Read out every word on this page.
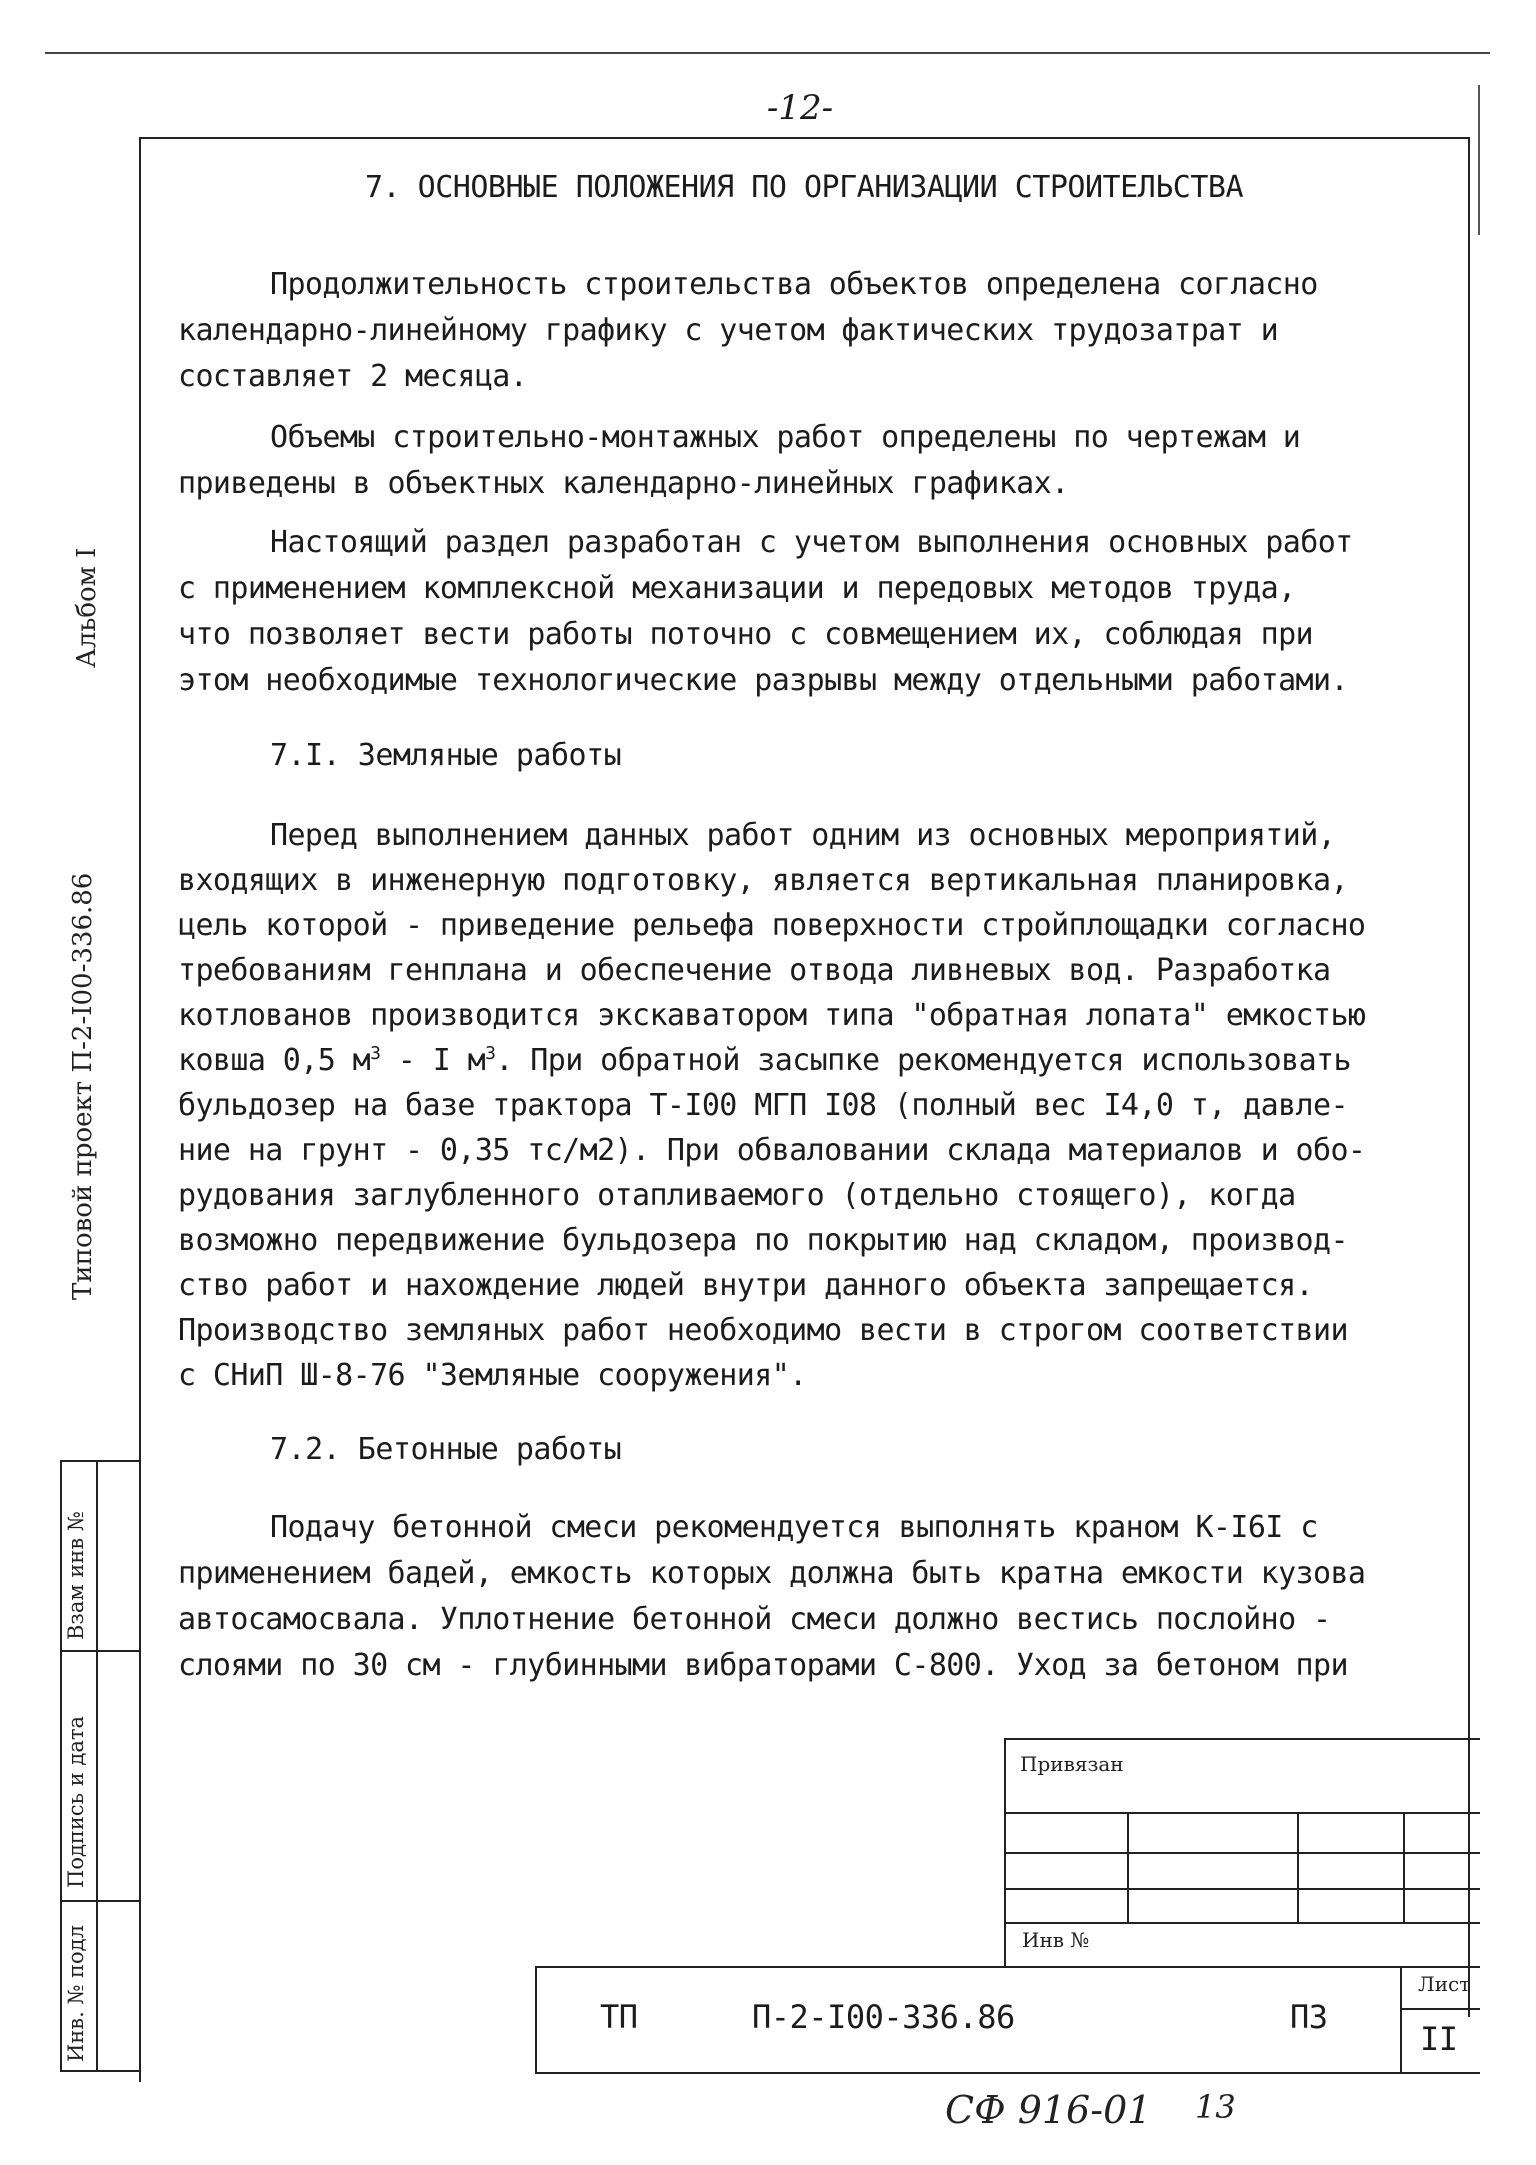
-12-
7. ОСНОВНЫЕ ПОЛОЖЕНИЯ ПО ОРГАНИЗАЦИИ СТРОИТЕЛЬСТВА
Продолжительность строительства объектов определена согласно
календарно-линейному графику с учетом фактических трудозатрат и
составляет 2 месяца.
Объемы строительно-монтажных работ определены по чертежам и
приведены в объектных календарно-линейных графиках.
Настоящий раздел разработан с учетом выполнения основных работ
с применением комплексной механизации и передовых методов труда,
что позволяет вести работы поточно с совмещением их, соблюдая при
этом необходимые технологические разрывы между отдельными работами.
7.I. Земляные работы
Перед выполнением данных работ одним из основных мероприятий,
входящих в инженерную подготовку, является вертикальная планировка,
цель которой - приведение рельефа поверхности стройплощадки согласно
требованиям генплана и обеспечение отвода ливневых вод. Разработка
котлованов производится экскаватором типа "обратная лопата" емкостью
ковша 0,5 $м^3$ - I $м^3$. При обратной засыпке рекомендуется использовать
бульдозер на базе трактора Т-I00 МГП I08 (полный вес I4,0 т, давле-
ние на грунт - 0,35 тс/м2). При обваловании склада материалов и обо-
рудования заглубленного отапливаемого (отдельно стоящего), когда
возможно передвижение бульдозера по покрытию над складом, производ-
ство работ и нахождение людей внутри данного объекта запрещается.
Производство земляных работ необходимо вести в строгом соответствии
с СНиП Ш-8-76 "Земляные сооружения".
7.2. Бетонные работы
Подачу бетонной смеси рекомендуется выполнять краном К-I6I с
применением бадей, емкость которых должна быть кратна емкости кузова
автосамосвала. Уплотнение бетонной смеси должно вестись послойно -
слоями по 30 см - глубинными вибраторами С-800. Уход за бетоном при
Альбом I
Типовой проект П-2-I00-336.86
Взам инв №
Подпись и дата
Инв. № подл
Привязан
Инв №
ТП	П-2-I00-336.86	ПЗ
Лист
II
СФ 916-01 13
